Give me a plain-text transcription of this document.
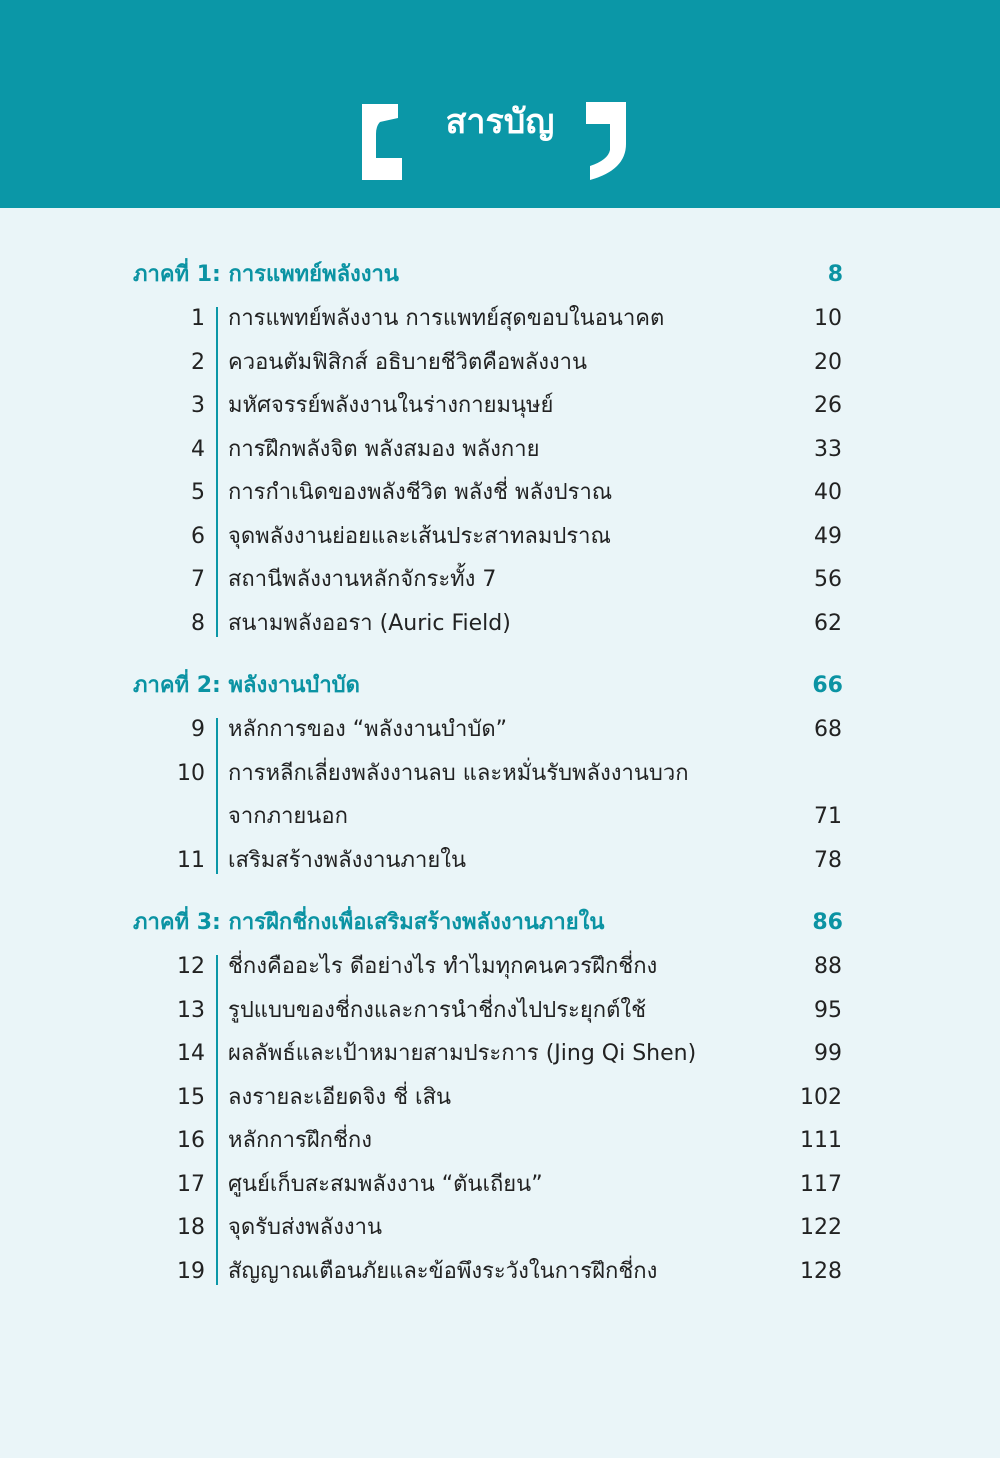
สารบัญ
ภาคที่ 1: การแพทย์พลังงาน	8
1 การแพทย์พลังงาน การแพทย์สุดขอบในอนาคต	10
2 ควอนตัมฟิสิกส์ อธิบายชีวิตคือพลังงาน	20
3 มหัศจรรย์พลังงานในร่างกายมนุษย์	26
4 การฝึกพลังจิต พลังสมอง พลังกาย	33
5 การกำเนิดของพลังชีวิต พลังชี่ พลังปราณ	40
6 จุดพลังงานย่อยและเส้นประสาทลมปราณ	49
7 สถานีพลังงานหลักจักระทั้ง 7	56
8 สนามพลังออรา (Auric Field)	62
ภาคที่ 2: พลังงานบำบัด	66
9 หลักการของ “พลังงานบำบัด”	68
10 การหลีกเลี่ยงพลังงานลบ และหมั่นรับพลังงานบวก
จากภายนอก	71
11 เสริมสร้างพลังงานภายใน	78
ภาคที่ 3: การฝึกชี่กงเพื่อเสริมสร้างพลังงานภายใน	86
12 ชี่กงคืออะไร ดีอย่างไร ทำไมทุกคนควรฝึกชี่กง	88
13 รูปแบบของชี่กงและการนำชี่กงไปประยุกต์ใช้	95
14 ผลลัพธ์และเป้าหมายสามประการ (Jing Qi Shen)	99
15 ลงรายละเอียดจิง ชี่ เสิน	102
16 หลักการฝึกชี่กง	111
17 ศูนย์เก็บสะสมพลังงาน “ตันเถียน”	117
18 จุดรับส่งพลังงาน	122
19 สัญญาณเตือนภัยและข้อพึงระวังในการฝึกชี่กง	128
